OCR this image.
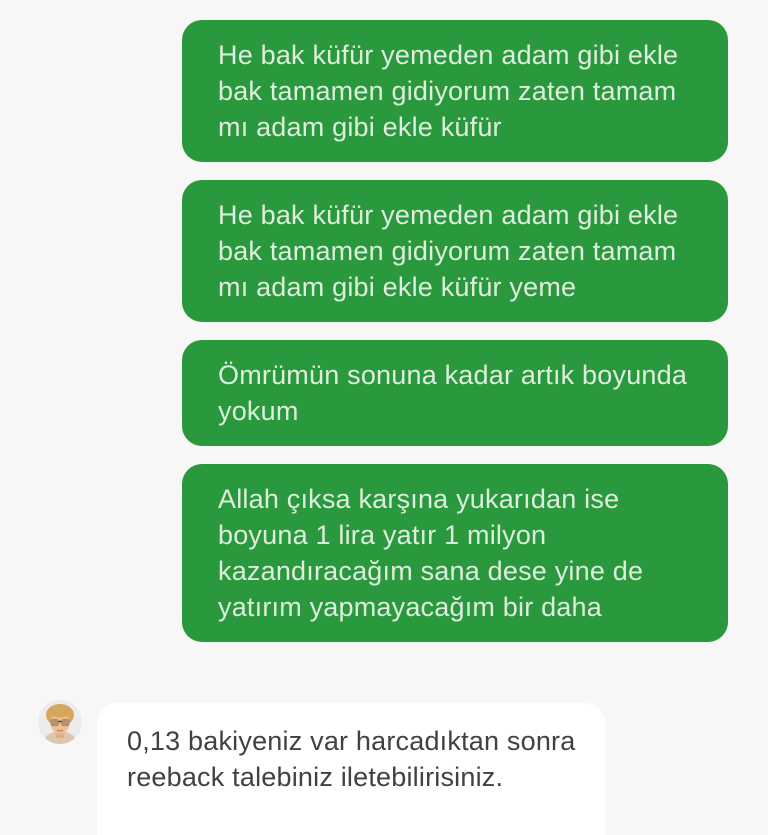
He bak küfür yemeden adam gibi ekle
bak tamamen gidiyorum zaten tamam
mı adam gibi ekle küfür
He bak küfür yemeden adam gibi ekle
bak tamamen gidiyorum zaten tamam
mı adam gibi ekle küfür yeme
Ömrümün sonuna kadar artık boyunda
yokum
Allah çıksa karşına yukarıdan ise
boyuna 1 lira yatır 1 milyon
kazandıracağım sana dese yine de
yatırım yapmayacağım bir daha
0,13 bakiyeniz var harcadıktan sonra
reeback talebiniz iletebilirisiniz.
